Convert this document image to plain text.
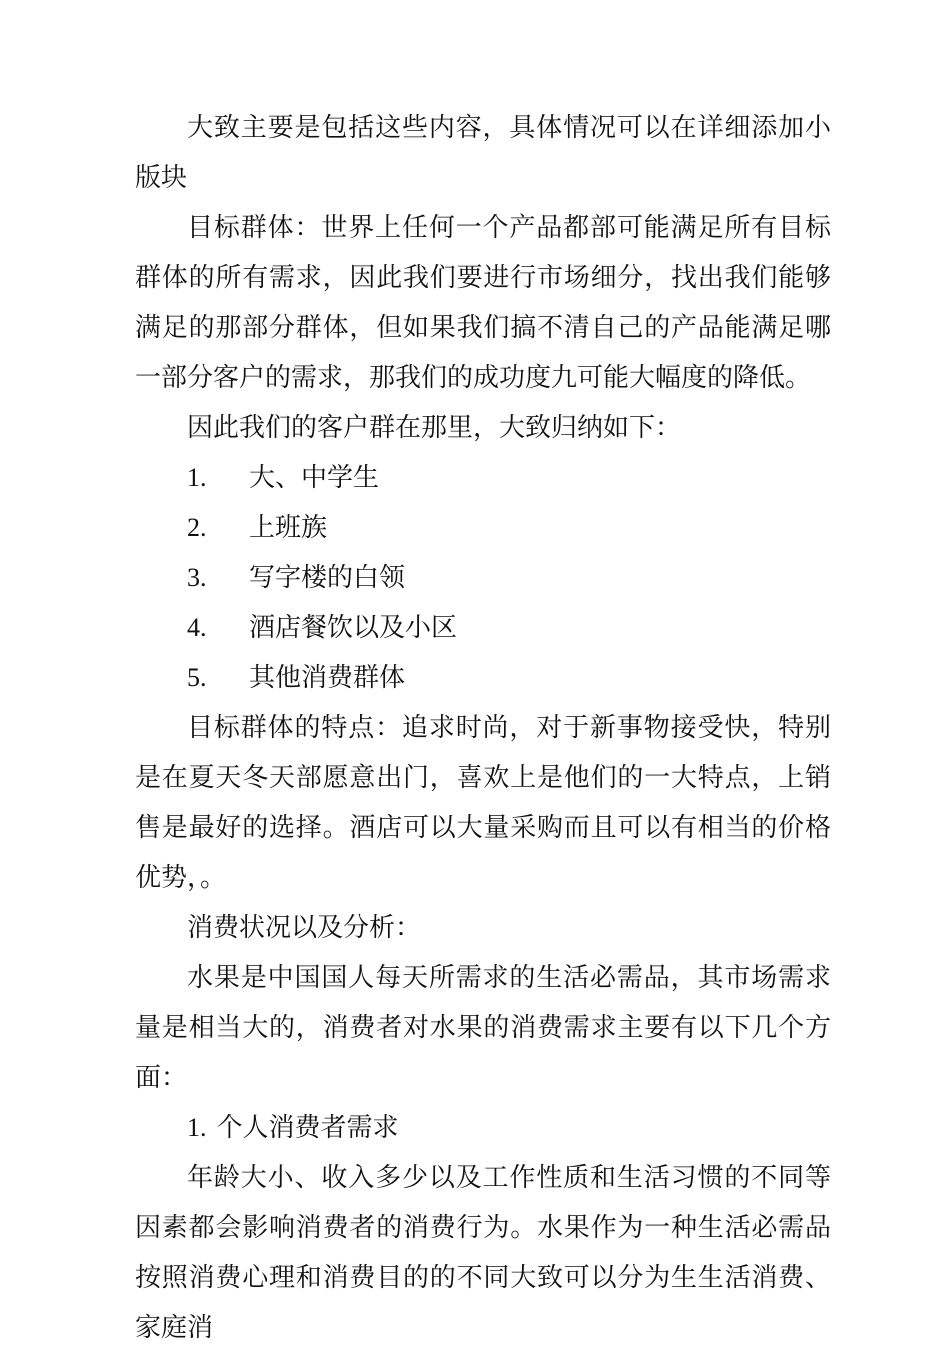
大致主要是包括这些内容，具体情况可以在详细添加小版块

目标群体：世界上任何一个产品都部可能满足所有目标群体的所有需求，因此我们要进行市场细分，找出我们能够满足的那部分群体，但如果我们搞不清自己的产品能满足哪一部分客户的需求，那我们的成功度九可能大幅度的降低。

因此我们的客户群在那里，大致归纳如下：

1. 大、中学生

2. 上班族

3. 写字楼的白领

4. 酒店餐饮以及小区

5. 其他消费群体

目标群体的特点：追求时尚，对于新事物接受快，特别是在夏天冬天部愿意出门，喜欢上是他们的一大特点，上销售是最好的选择。酒店可以大量采购而且可以有相当的价格优势，。

消费状况以及分析：

水果是中国国人每天所需求的生活必需品，其市场需求量是相当大的，消费者对水果的消费需求主要有以下几个方面：

1. 个人消费者需求

年龄大小、收入多少以及工作性质和生活习惯的不同等因素都会影响消费者的消费行为。水果作为一种生活必需品按照消费心理和消费目的的不同大致可以分为生生活消费、家庭消
